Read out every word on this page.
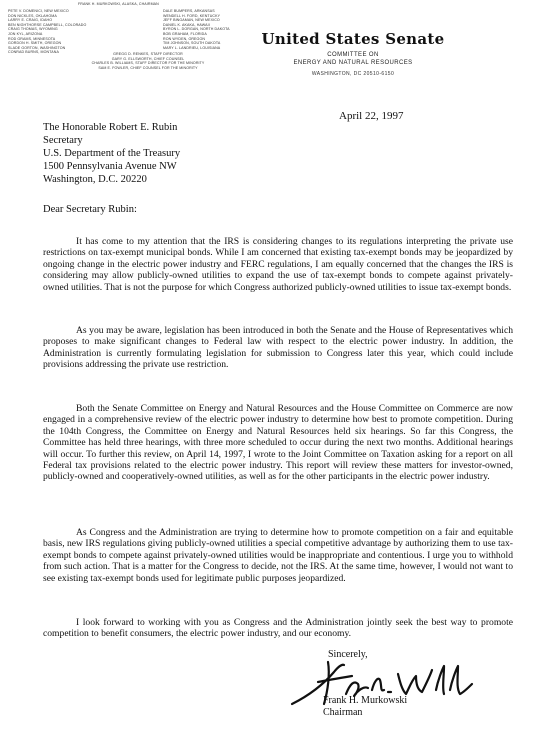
FRANK H. MURKOWSKI, ALASKA, CHAIRMAN
PETE V. DOMENICI, NEW MEXICO
DON NICKLES, OKLAHOMA
LARRY E. CRAIG, IDAHO
BEN NIGHTHORSE CAMPBELL, COLORADO
CRAIG THOMAS, WYOMING
JON KYL, ARIZONA
ROD GRAMS, MINNESOTA
GORDON H. SMITH, OREGON
SLADE GORTON, WASHINGTON
CONRAD BURNS, MONTANA
DALE BUMPERS, ARKANSAS
WENDELL H. FORD, KENTUCKY
JEFF BINGAMAN, NEW MEXICO
DANIEL K. AKAKA, HAWAII
BYRON L. DORGAN, NORTH DAKOTA
BOB GRAHAM, FLORIDA
RON WYDEN, OREGON
TIM JOHNSON, SOUTH DAKOTA
MARY L. LANDRIEU, LOUISIANA
GREGG D. RENKES, STAFF DIRECTOR
GARY G. ELLSWORTH, CHIEF COUNSEL
CHARLES B. WILLIAMS, STAFF DIRECTOR FOR THE MINORITY
SAM E. FOWLER, CHIEF COUNSEL FOR THE MINORITY
United States Senate
COMMITTEE ON
ENERGY AND NATURAL RESOURCES
WASHINGTON, DC 20510-6150
April 22, 1997
The Honorable Robert E. Rubin
Secretary
U.S. Department of the Treasury
1500 Pennsylvania Avenue NW
Washington, D.C. 20220
Dear Secretary Rubin:

It has come to my attention that the IRS is considering changes to its regulations interpreting the private use restrictions on tax-exempt municipal bonds. While I am concerned that existing tax-exempt bonds may be jeopardized by ongoing change in the electric power industry and FERC regulations, I am equally concerned that the changes the IRS is considering may allow publicly-owned utilities to expand the use of tax-exempt bonds to compete against privately-owned utilities. That is not the purpose for which Congress authorized publicly-owned utilities to issue tax-exempt bonds.

As you may be aware, legislation has been introduced in both the Senate and the House of Representatives which proposes to make significant changes to Federal law with respect to the electric power industry. In addition, the Administration is currently formulating legislation for submission to Congress later this year, which could include provisions addressing the private use restriction.

Both the Senate Committee on Energy and Natural Resources and the House Committee on Commerce are now engaged in a comprehensive review of the electric power industry to determine how best to promote competition. During the 104th Congress, the Committee on Energy and Natural Resources held six hearings. So far this Congress, the Committee has held three hearings, with three more scheduled to occur during the next two months. Additional hearings will occur. To further this review, on April 14, 1997, I wrote to the Joint Committee on Taxation asking for a report on all Federal tax provisions related to the electric power industry. This report will review these matters for investor-owned, publicly-owned and cooperatively-owned utilities, as well as for the other participants in the electric power industry.

As Congress and the Administration are trying to determine how to promote competition on a fair and equitable basis, new IRS regulations giving publicly-owned utilities a special competitive advantage by authorizing them to use tax-exempt bonds to compete against privately-owned utilities would be inappropriate and contentious. I urge you to withhold from such action. That is a matter for the Congress to decide, not the IRS. At the same time, however, I would not want to see existing tax-exempt bonds used for legitimate public purposes jeopardized.

I look forward to working with you as Congress and the Administration jointly seek the best way to promote competition to benefit consumers, the electric power industry, and our economy.

Sincerely,
Frank H. Murkowski
Chairman
